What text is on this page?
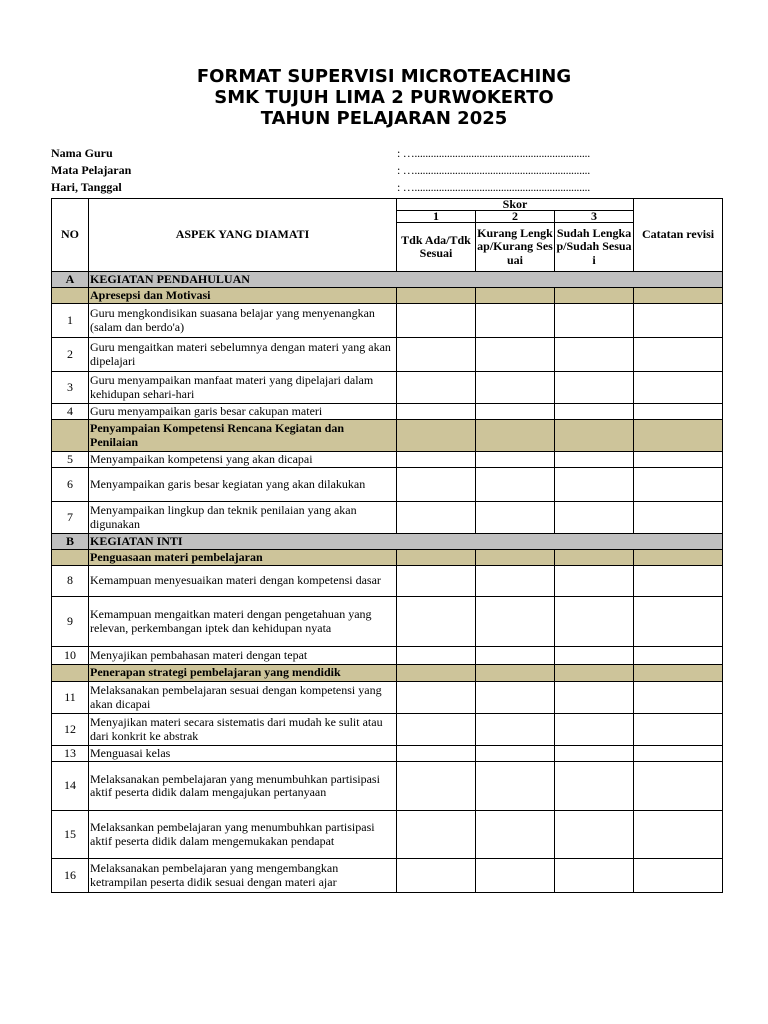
FORMAT SUPERVISI MICROTEACHING
SMK TUJUH LIMA 2 PURWOKERTO
TAHUN PELAJARAN 2025
Nama Guru	: ….................................................................
Mata Pelajaran	: ….................................................................
Hari, Tanggal	: ….................................................................
NO	ASPEK YANG DIAMATI	Skor			Catatan revisi
		1	2	3	
		Tdk Ada/Tdk Sesuai	Kurang Lengkap/Kurang Sesuai	Sudah Lengkap/Sudah Sesuai	
A	KEGIATAN PENDAHULUAN				
	Apresepsi dan Motivasi				
1	Guru mengkondisikan suasana belajar yang menyenangkan (salam dan berdo'a)				
2	Guru mengaitkan materi sebelumnya dengan materi yang akan dipelajari				
3	Guru menyampaikan manfaat materi yang dipelajari dalam kehidupan sehari-hari				
4	Guru menyampaikan garis besar cakupan materi				
	Penyampaian Kompetensi Rencana Kegiatan dan Penilaian				
5	Menyampaikan kompetensi yang akan dicapai				
6	Menyampaikan garis besar kegiatan yang akan dilakukan				
7	Menyampaikan lingkup dan teknik penilaian yang akan digunakan				
B	KEGIATAN INTI				
	Penguasaan materi pembelajaran				
8	Kemampuan menyesuaikan materi dengan kompetensi dasar				
9	Kemampuan mengaitkan materi dengan pengetahuan yang relevan, perkembangan iptek dan kehidupan nyata				
10	Menyajikan pembahasan materi dengan tepat				
	Penerapan strategi pembelajaran yang mendidik				
11	Melaksanakan pembelajaran sesuai dengan kompetensi yang akan dicapai				
12	Menyajikan materi secara sistematis dari mudah ke sulit atau dari konkrit ke abstrak				
13	Menguasai kelas				
14	Melaksanakan pembelajaran yang menumbuhkan partisipasi aktif peserta didik dalam mengajukan pertanyaan				
15	Melaksankan pembelajaran yang menumbuhkan partisipasi aktif peserta didik dalam mengemukakan pendapat				
16	Melaksanakan pembelajaran yang mengembangkan ketrampilan peserta didik sesuai dengan materi ajar				
